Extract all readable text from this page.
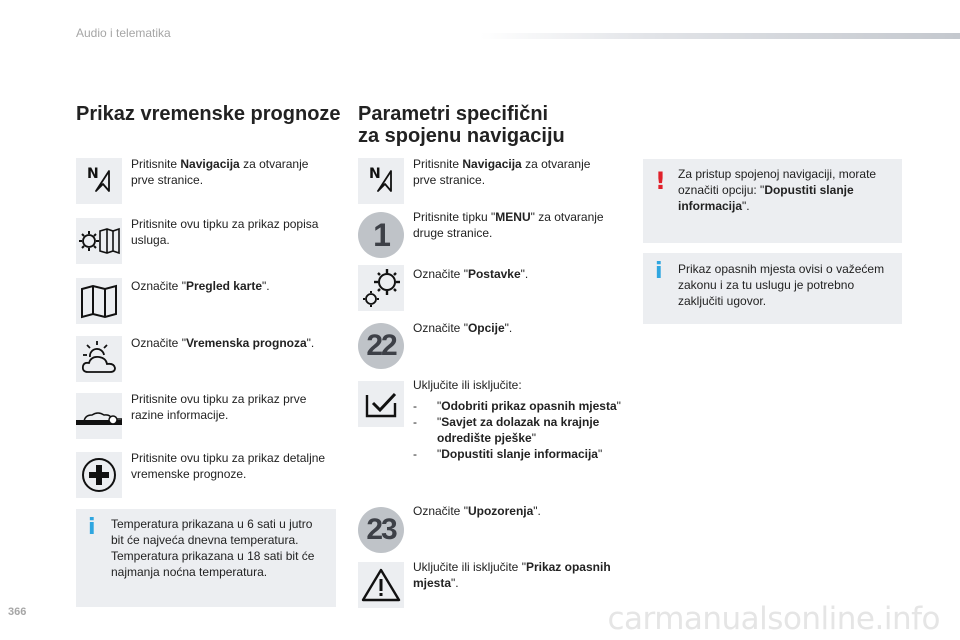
Audio i telematika
Prikaz vremenske prognoze
N
Pritisnite Navigacija za otvaranje prve stranice.
Pritisnite ovu tipku za prikaz popisa usluga.
Označite "Pregled karte".
Označite "Vremenska prognoza".
Pritisnite ovu tipku za prikaz prve razine informacije.
Pritisnite ovu tipku za prikaz detaljne vremenske prognoze.
i Temperatura prikazana u 6 sati u jutro bit će najveća dnevna temperatura. Temperatura prikazana u 18 sati bit će najmanja noćna temperatura.
Parametri specifični
za spojenu navigaciju
N
Pritisnite Navigacija za otvaranje prve stranice.
1	Pritisnite tipku "MENU" za otvaranje druge stranice.
Označite "Postavke".
22
Označite "Opcije".
Uključite ili isključite:
-	"Odobriti prikaz opasnih mjesta"
-	"Savjet za dolazak na krajnje odredište pješke"
-	"Dopustiti slanje informacija"
23
Označite "Upozorenja".
Uključite ili isključite "Prikaz opasnih mjesta".
! Za pristup spojenoj navigaciji, morate označiti opciju: "Dopustiti slanje informacija".
i Prikaz opasnih mjesta ovisi o važećem zakonu i za tu uslugu je potrebno zaključiti ugovor.
366	carmanualsonline.info
